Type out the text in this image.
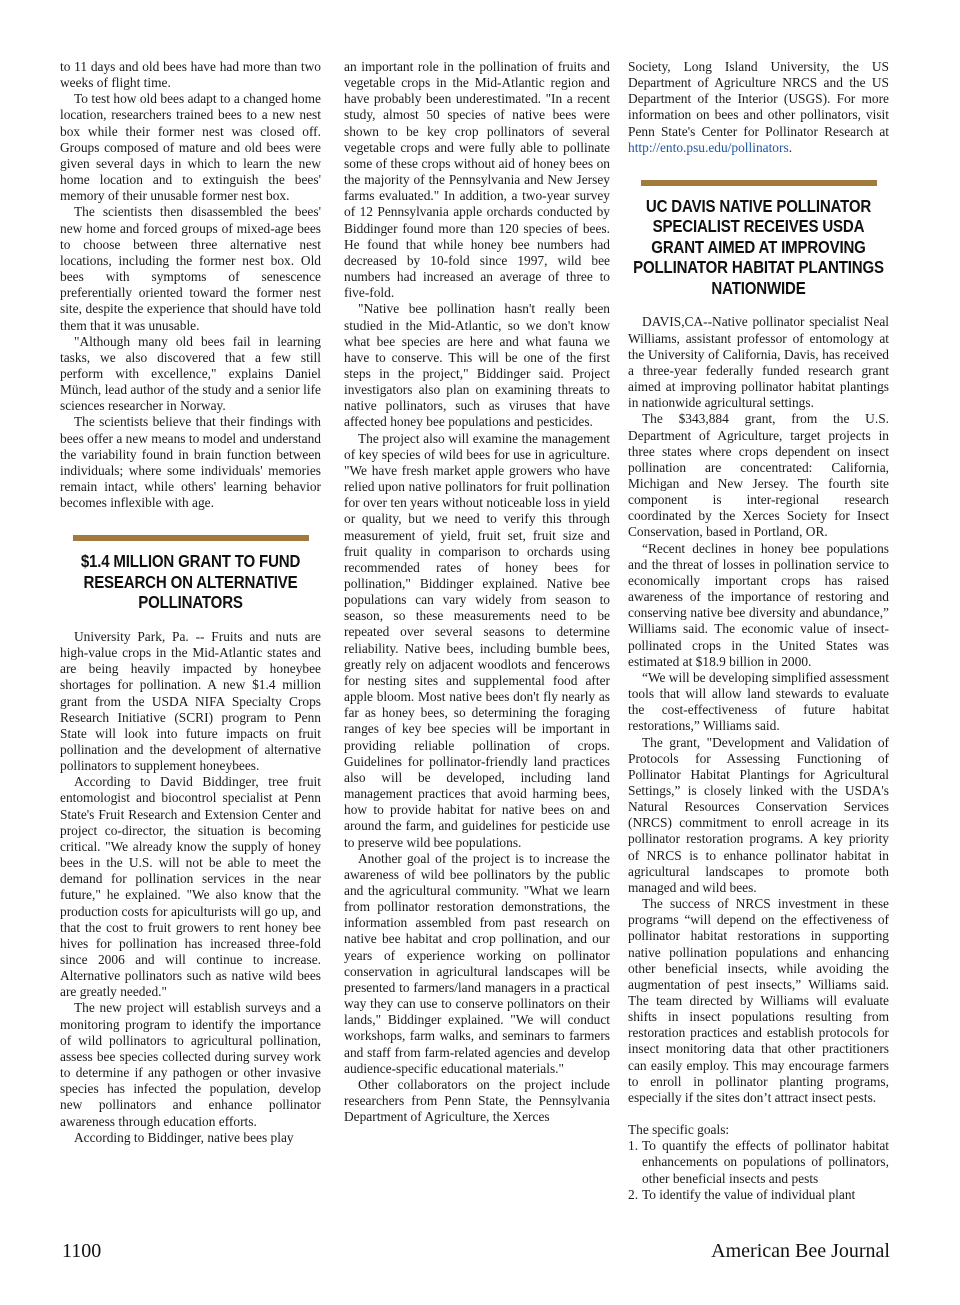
to 11 days and old bees have had more than two weeks of flight time.

To test how old bees adapt to a changed home location, researchers trained bees to a new nest box while their former nest was closed off. Groups composed of mature and old bees were given several days in which to learn the new home location and to extinguish the bees' memory of their unusable former nest box.

The scientists then disassembled the bees' new home and forced groups of mixed-age bees to choose between three alternative nest locations, including the former nest box. Old bees with symptoms of senescence preferentially oriented toward the former nest site, despite the experience that should have told them that it was unusable.

"Although many old bees fail in learning tasks, we also discovered that a few still perform with excellence," explains Daniel Münch, lead author of the study and a senior life sciences researcher in Norway.

The scientists believe that their findings with bees offer a new means to model and understand the variability found in brain function between individuals; where some individuals' memories remain intact, while others' learning behavior becomes inflexible with age.

$1.4 MILLION GRANT TO FUND RESEARCH ON ALTERNATIVE POLLINATORS

University Park, Pa. -- Fruits and nuts are high-value crops in the Mid-Atlantic states and are being heavily impacted by honeybee shortages for pollination. A new $1.4 million grant from the USDA NIFA Specialty Crops Research Initiative (SCRI) program to Penn State will look into future impacts on fruit pollination and the development of alternative pollinators to supplement honeybees.

According to David Biddinger, tree fruit entomologist and biocontrol specialist at Penn State's Fruit Research and Extension Center and project co-director, the situation is becoming critical. "We already know the supply of honey bees in the U.S. will not be able to meet the demand for pollination services in the near future," he explained. "We also know that the production costs for apiculturists will go up, and that the cost to fruit growers to rent honey bee hives for pollination has increased three-fold since 2006 and will continue to increase. Alternative pollinators such as native wild bees are greatly needed."

The new project will establish surveys and a monitoring program to identify the importance of wild pollinators to agricultural pollination, assess bee species collected during survey work to determine if any pathogen or other invasive species has infected the population, develop new pollinators and enhance pollinator awareness through education efforts.

According to Biddinger, native bees play

an important role in the pollination of fruits and vegetable crops in the Mid-Atlantic region and have probably been underestimated. "In a recent study, almost 50 species of native bees were shown to be key crop pollinators of several vegetable crops and were fully able to pollinate some of these crops without aid of honey bees on the majority of the Pennsylvania and New Jersey farms evaluated." In addition, a two-year survey of 12 Pennsylvania apple orchards conducted by Biddinger found more than 120 species of bees. He found that while honey bee numbers had decreased by 10-fold since 1997, wild bee numbers had increased an average of three to five-fold.

"Native bee pollination hasn't really been studied in the Mid-Atlantic, so we don't know what bee species are here and what fauna we have to conserve. This will be one of the first steps in the project," Biddinger said. Project investigators also plan on examining threats to native pollinators, such as viruses that have affected honey bee populations and pesticides.

The project also will examine the management of key species of wild bees for use in agriculture. "We have fresh market apple growers who have relied upon native pollinators for fruit pollination for over ten years without noticeable loss in yield or quality, but we need to verify this through measurement of yield, fruit set, fruit size and fruit quality in comparison to orchards using recommended rates of honey bees for pollination," Biddinger explained. Native bee populations can vary widely from season to season, so these measurements need to be repeated over several seasons to determine reliability. Native bees, including bumble bees, greatly rely on adjacent woodlots and fencerows for nesting sites and supplemental food after apple bloom. Most native bees don't fly nearly as far as honey bees, so determining the foraging ranges of key bee species will be important in providing reliable pollination of crops. Guidelines for pollinator-friendly land practices also will be developed, including land management practices that avoid harming bees, how to provide habitat for native bees on and around the farm, and guidelines for pesticide use to preserve wild bee populations.

Another goal of the project is to increase the awareness of wild bee pollinators by the public and the agricultural community. "What we learn from pollinator restoration demonstrations, the information assembled from past research on native bee habitat and crop pollination, and our years of experience working on pollinator conservation in agricultural landscapes will be presented to farmers/land managers in a practical way they can use to conserve pollinators on their lands," Biddinger explained. "We will conduct workshops, farm walks, and seminars to farmers and staff from farm-related agencies and develop audience-specific educational materials."

Other collaborators on the project include researchers from Penn State, the Pennsylvania Department of Agriculture, the Xerces

Society, Long Island University, the US Department of Agriculture NRCS and the US Department of the Interior (USGS). For more information on bees and other pollinators, visit Penn State's Center for Pollinator Research at http://ento.psu.edu/pollinators.

UC DAVIS NATIVE POLLINATOR SPECIALIST RECEIVES USDA GRANT AIMED AT IMPROVING POLLINATOR HABITAT PLANTINGS NATIONWIDE

DAVIS,CA--Native pollinator specialist Neal Williams, assistant professor of entomology at the University of California, Davis, has received a three-year federally funded research grant aimed at improving pollinator habitat plantings in nationwide agricultural settings.

The $343,884 grant, from the U.S. Department of Agriculture, target projects in three states where crops dependent on insect pollination are concentrated: California, Michigan and New Jersey. The fourth site component is inter-regional research coordinated by the Xerces Society for Insect Conservation, based in Portland, OR.

“Recent declines in honey bee populations and the threat of losses in pollination service to economically important crops has raised awareness of the importance of restoring and conserving native bee diversity and abundance,” Williams said. The economic value of insect-pollinated crops in the United States was estimated at $18.9 billion in 2000.

“We will be developing simplified assessment tools that will allow land stewards to evaluate the cost-effectiveness of future habitat restorations,” Williams said.

The grant, "Development and Validation of Protocols for Assessing Functioning of Pollinator Habitat Plantings for Agricultural Settings,” is closely linked with the USDA's Natural Resources Conservation Services (NRCS) commitment to enroll acreage in its pollinator restoration programs. A key priority of NRCS is to enhance pollinator habitat in agricultural landscapes to promote both managed and wild bees.

The success of NRCS investment in these programs “will depend on the effectiveness of pollinator habitat restorations in supporting native pollination populations and enhancing other beneficial insects, while avoiding the augmentation of pest insects,” Williams said. The team directed by Williams will evaluate shifts in insect populations resulting from restoration practices and establish protocols for insect monitoring data that other practitioners can easily employ. This may encourage farmers to enroll in pollinator planting programs, especially if the sites don’t attract insect pests.

The specific goals:
1. To quantify the effects of pollinator habitat enhancements on populations of pollinators, other beneficial insects and pests
2. To identify the value of individual plant
1100	American Bee Journal
